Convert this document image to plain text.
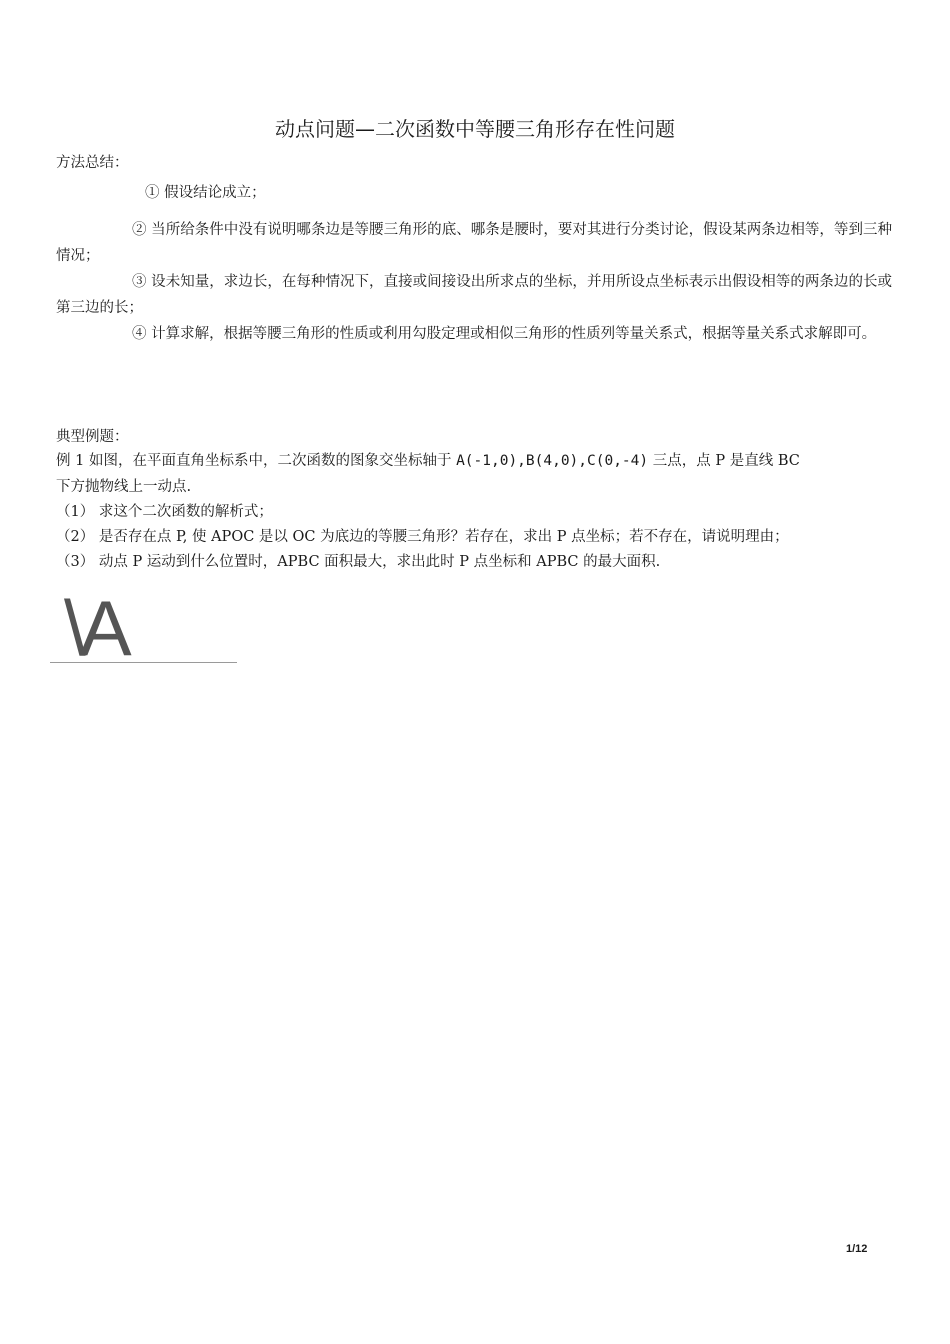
动点问题—二次函数中等腰三角形存在性问题
方法总结：
① 假设结论成立；
② 当所给条件中没有说明哪条边是等腰三角形的底、哪条是腰时，要对其进行分类讨论，假设某两条边相等，等到三种情况；
③ 设未知量，求边长，在每种情况下，直接或间接设出所求点的坐标，并用所设点坐标表示出假设相等的两条边的长或第三边的长；
④ 计算求解，根据等腰三角形的性质或利用勾股定理或相似三角形的性质列等量关系式，根据等量关系式求解即可。
典型例题：
例 1 如图，在平面直角坐标系中，二次函数的图象交坐标轴于 A(-1,0),B(4,0),C(0,-4) 三点，点 P 是直线 BC
下方抛物线上一动点.
（1） 求这个二次函数的解析式；
（2） 是否存在点 P, 使 APOC 是以 OC 为底边的等腰三角形？若存在，求出 P 点坐标；若不存在，请说明理由；
（3） 动点 P 运动到什么位置时，APBC 面积最大，求出此时 P 点坐标和 APBC 的最大面积.
\A
1/12
